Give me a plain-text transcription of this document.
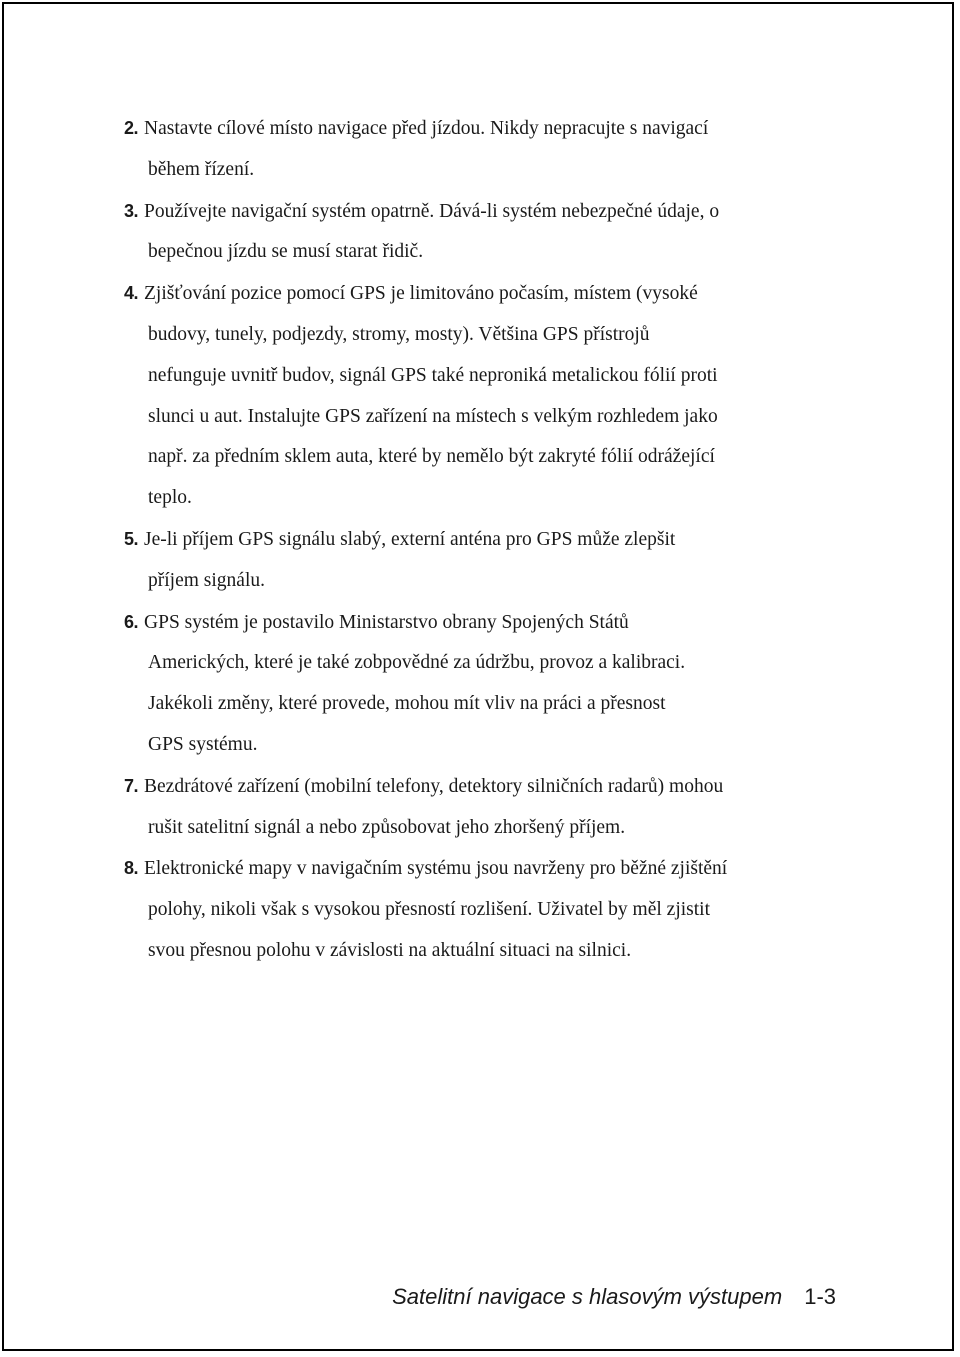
2. Nastavte cílové místo navigace před jízdou. Nikdy nepracujte s navigací
během řízení.

3. Používejte navigační systém opatrně. Dává-li systém nebezpečné údaje, o
bepečnou jízdu se musí starat řidič.

4. Zjišťování pozice pomocí GPS je limitováno počasím, místem (vysoké
budovy, tunely, podjezdy, stromy, mosty). Většina GPS přístrojů
nefunguje uvnitř budov, signál GPS také neproniká metalickou fólií proti
slunci u aut. Instalujte GPS zařízení na místech s velkým rozhledem jako
např. za předním sklem auta, které by nemělo být zakryté fólií odrážející
teplo.

5. Je-li příjem GPS signálu slabý, externí anténa pro GPS může zlepšit
příjem signálu.

6. GPS systém je postavilo Ministarstvo obrany Spojených Států
Amerických, které je také zobpovědné za údržbu, provoz a kalibraci.
Jakékoli změny, které provede, mohou mít vliv na práci a přesnost
GPS systému.

7. Bezdrátové zařízení (mobilní telefony, detektory silničních radarů) mohou
rušit satelitní signál a nebo způsobovat jeho zhoršený příjem.

8. Elektronické mapy v navigačním systému jsou navrženy pro běžné zjištění
polohy, nikoli však s vysokou přesností rozlišení. Uživatel by měl zjistit
svou přesnou polohu v závislosti na aktuální situaci na silnici.

Satelitní navigace s hlasovým výstupem 1-3
